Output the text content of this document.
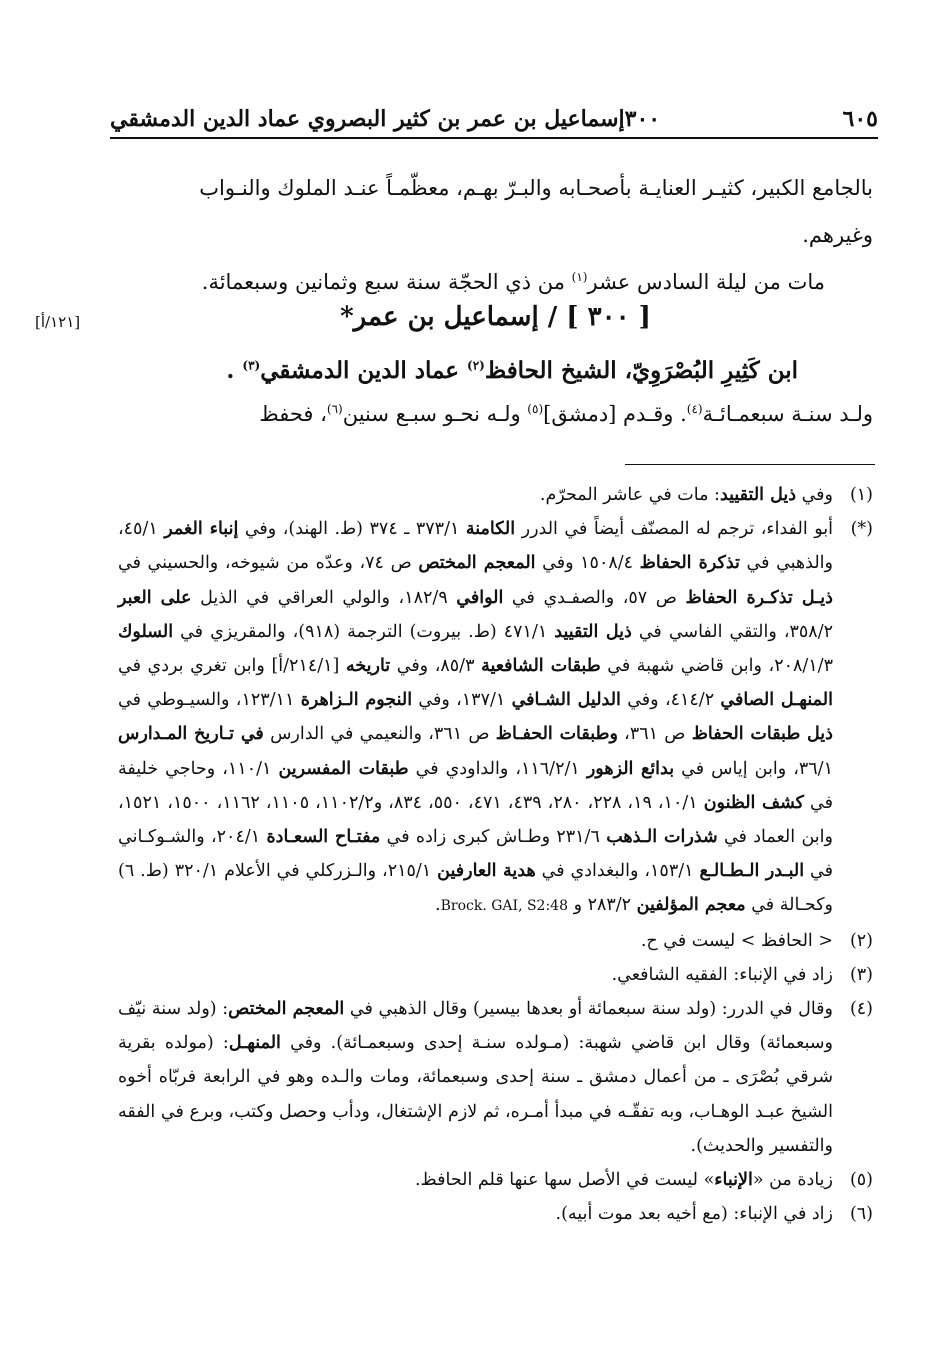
٣٠٠إسماعيل بن عمر بن كثير البصروي عماد الدين الدمشقي	٦٠٥

بالجامع الكبير، كثيـر العنايـة بأصحـابه والبـرّ بهـم، معظّمـاً عنـد الملوك والنـواب

وغيرهم.

مات من ليلة السادس عشر$^{(١)}$ من ذي الحجّة سنة سبع وثمانين وسبعمائة.

[١٢١/أ]	[ ٣٠٠ ] / إسماعيل بن عمر*
ابن كَثِيرِ البُصْرَوِيّ، الشيخ الحافظ$^{(٢)}$ عماد الدين الدمشقي$^{(٣)}$ .
ولـد سنـة سبعمـائـة$^{(٤)}$. وقـدم [دمشق]$^{(٥)}$ ولـه نحـو سبـع سنين$^{(٦)}$، فحفظ
(١)
وفي ذيل التقييد: مات في عاشر المحرّم.
(*)
أبو الفداء، ترجم له المصنّف أيضاً في الدرر الكامنة ٣٧٣/١ ـ ٣٧٤ (ط. الهند)، وفي إنباء الغمر ٤٥/١، والذهبي في تذكرة الحفاظ ١٥٠٨/٤ وفي المعجم المختص ص ٧٤، وعدّه من شيوخه، والحسيني في ذيـل تذكـرة الحفاظ ص ٥٧، والصفـدي في الوافي ١٨٢/٩، والولي العراقي في الذيل على العبر ٣٥٨/٢، والتقي الفاسي في ذيل التقييد ٤٧١/١ (ط. بيروت) الترجمة (٩١٨)، والمقريزي في السلوك ٢٠٨/١/٣، وابن قاضي شهبة في طبقات الشافعية ٨٥/٣، وفي تاريخه [٢١٤/١/أ] وابن تغري بردي في المنهـل الصافي ٤١٤/٢، وفي الدليل الشـافي ١٣٧/١، وفي النجوم الـزاهرة ١٢٣/١١، والسيـوطي في ذيل طبقات الحفاظ ص ٣٦١، وطبقات الحفـاظ ص ٣٦١، والنعيمي في الدارس في تـاريخ المـدارس ٣٦/١، وابن إياس في بدائع الزهور ١١٦/٢/١، والداودي في طبقات المفسرين ١١٠/١، وحاجي خليفة في كشف الظنون ١٠/١، ١٩، ٢٢٨، ٢٨٠، ٤٣٩، ٤٧١، ٥٥٠، ٨٣٤، و١١٠٢/٢، ١١٠٥، ١١٦٢، ١٥٠٠، ١٥٢١، وابن العماد في شذرات الـذهب ٢٣١/٦ وطـاش كبرى زاده في مفتـاح السعـادة ٢٠٤/١، والشـوكـاني في البـدر الـطـالـع ١٥٣/١، والبغدادي في هدية العارفين ٢١٥/١، والـزركلي في الأعلام ٣٢٠/١ (ط. ٦) وكحـالة في معجم المؤلفين ٢٨٣/٢ و Brock. GAI, S2:48.
(٢)
< الحافظ > ليست في ح.
(٣)
زاد في الإنباء: الفقيه الشافعي.
(٤)
وقال في الدرر: (ولد سنة سبعمائة أو بعدها بيسير) وقال الذهبي في المعجم المختص: (ولد سنة نيّف وسبعمائة) وقال ابن قاضي شهبة: (مـولده سنـة إحدى وسبعمـائة). وفي المنهـل: (مولده بقرية شرقي بُصْرَى ـ من أعمال دمشق ـ سنة إحدى وسبعمائة، ومات والـده وهو في الرابعة فربّاه أخوه الشيخ عبـد الوهـاب، وبه تفقّـه في مبدأ أمـره، ثم لازم الإشتغال، ودأب وحصل وكتب، وبرع في الفقه والتفسير والحديث).
(٥)
زيادة من «الإنباء» ليست في الأصل سها عنها قلم الحافظ.
(٦)
زاد في الإنباء: (مع أخيه بعد موت أبيه).
